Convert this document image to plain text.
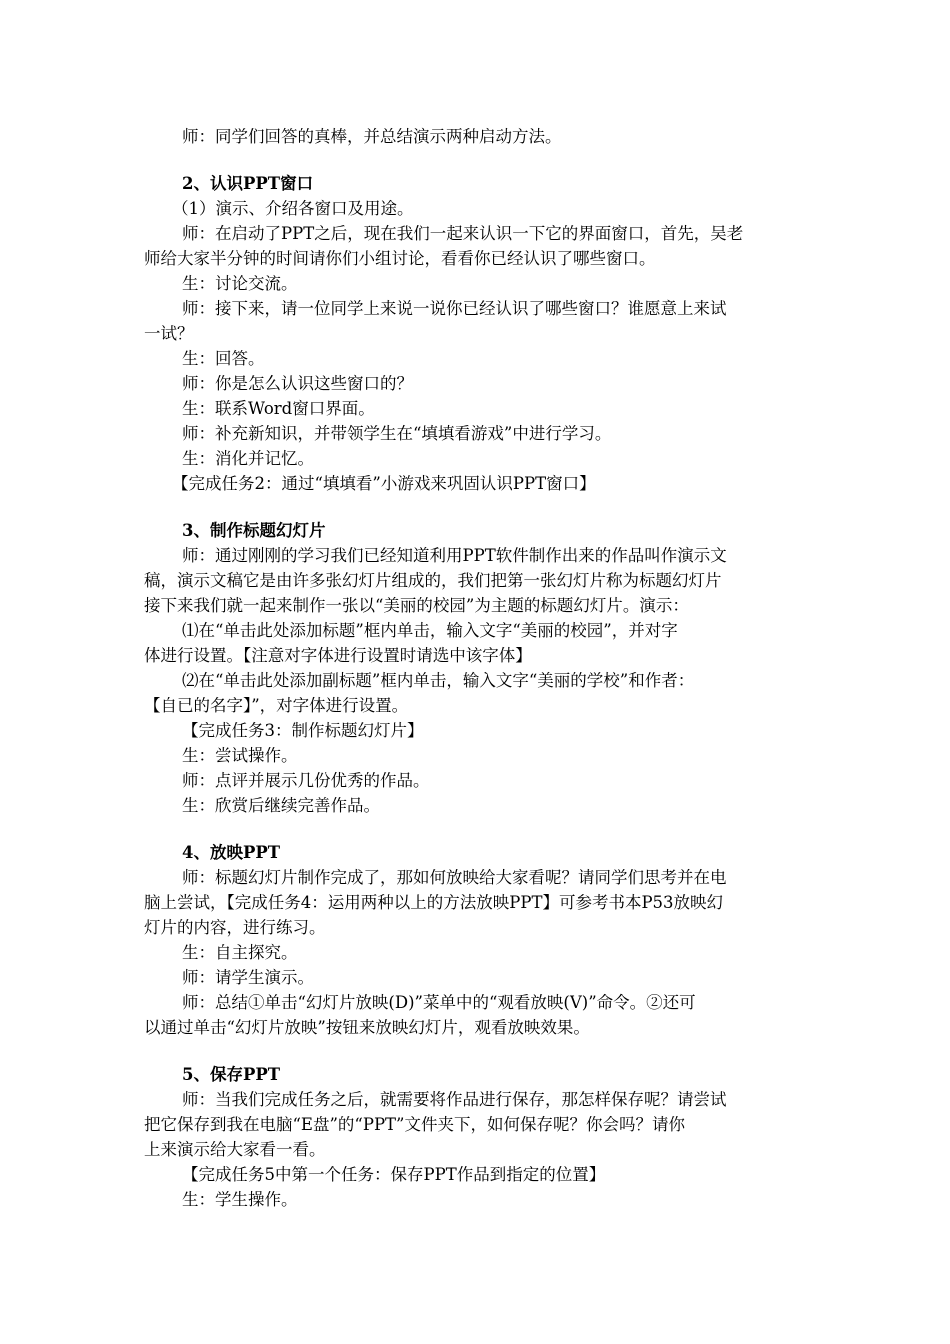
师：同学们回答的真棒，并总结演示两种启动方法。
2、认识PPT窗口
（1）演示、介绍各窗口及用途。
师：在启动了PPT之后，现在我们一起来认识一下它的界面窗口，首先，吴老
师给大家半分钟的时间请你们小组讨论，看看你已经认识了哪些窗口。
生：讨论交流。
师：接下来，请一位同学上来说一说你已经认识了哪些窗口？谁愿意上来试
一试？
生：回答。
师：你是怎么认识这些窗口的？
生：联系Word窗口界面。
师：补充新知识，并带领学生在“填填看游戏”中进行学习。
生：消化并记忆。
【完成任务2：通过“填填看”小游戏来巩固认识PPT窗口】
3、制作标题幻灯片
师：通过刚刚的学习我们已经知道利用PPT软件制作出来的作品叫作演示文
稿，演示文稿它是由许多张幻灯片组成的，我们把第一张幻灯片称为标题幻灯片
接下来我们就一起来制作一张以“美丽的校园”为主题的标题幻灯片。演示：
⑴在“单击此处添加标题”框内单击，输入文字“美丽的校园”，并对字
体进行设置。【注意对字体进行设置时请选中该字体】
⑵在“单击此处添加副标题”框内单击，输入文字“美丽的学校”和作者：
【自已的名字】”，对字体进行设置。
【完成任务3：制作标题幻灯片】
生：尝试操作。
师：点评并展示几份优秀的作品。
生：欣赏后继续完善作品。
4、放映PPT
师：标题幻灯片制作完成了，那如何放映给大家看呢？请同学们思考并在电
脑上尝试，【完成任务4：运用两种以上的方法放映PPT】可参考书本P53放映幻
灯片的内容，进行练习。
生：自主探究。
师：请学生演示。
师：总结①单击“幻灯片放映(D)”菜单中的“观看放映(V)”命令。②还可
以通过单击“幻灯片放映”按钮来放映幻灯片，观看放映效果。
5、保存PPT
师：当我们完成任务之后，就需要将作品进行保存，那怎样保存呢？请尝试
把它保存到我在电脑“E盘”的“PPT”文件夹下，如何保存呢？你会吗？请你
上来演示给大家看一看。
【完成任务5中第一个任务：保存PPT作品到指定的位置】
生：学生操作。
